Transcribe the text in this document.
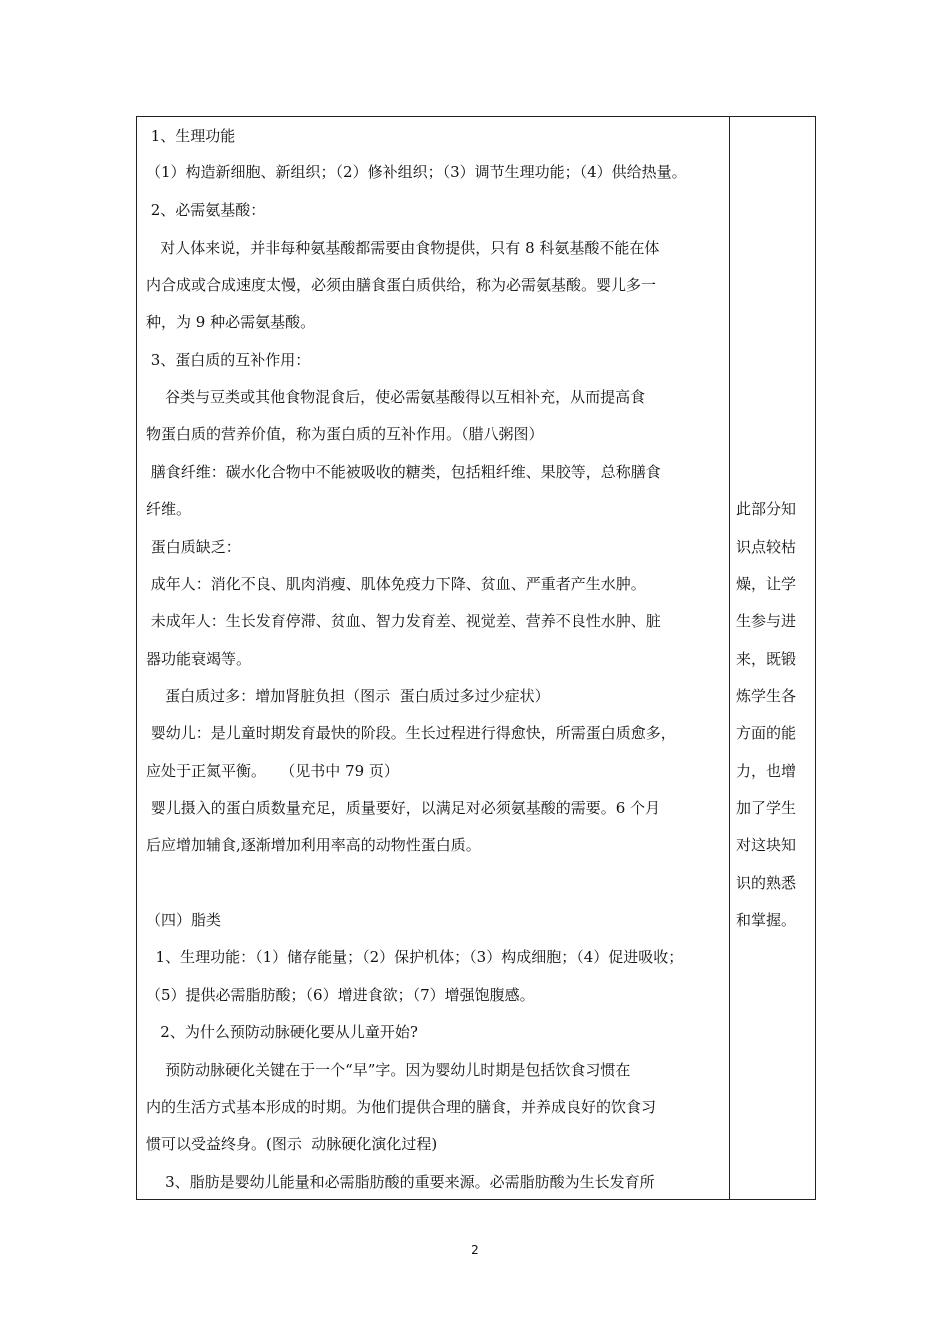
1、生理功能
（1）构造新细胞、新组织；（2）修补组织；（3）调节生理功能；（4）供给热量。
2、必需氨基酸：
对人体来说，并非每种氨基酸都需要由食物提供，只有 8 科氨基酸不能在体
内合成或合成速度太慢，必须由膳食蛋白质供给，称为必需氨基酸。婴儿多一
种，为 9 种必需氨基酸。
3、蛋白质的互补作用：
谷类与豆类或其他食物混食后，使必需氨基酸得以互相补充，从而提高食
物蛋白质的营养价值，称为蛋白质的互补作用。（腊八粥图）
膳食纤维：碳水化合物中不能被吸收的糖类，包括粗纤维、果胶等，总称膳食
纤维。
蛋白质缺乏：
成年人：消化不良、肌肉消瘦、肌体免疫力下降、贫血、严重者产生水肿。
未成年人：生长发育停滞、贫血、智力发育差、视觉差、营养不良性水肿、脏
器功能衰竭等。
蛋白质过多：增加肾脏负担（图示  蛋白质过多过少症状）
婴幼儿：是儿童时期发育最快的阶段。生长过程进行得愈快，所需蛋白质愈多，
应处于正氮平衡。   （见书中 79 页）
婴儿摄入的蛋白质数量充足，质量要好，以满足对必须氨基酸的需要。6 个月
后应增加辅食,逐渐增加利用率高的动物性蛋白质。
（四）脂类
1、生理功能：（1）储存能量；（2）保护机体；（3）构成细胞；（4）促进吸收；
（5）提供必需脂肪酸；（6）增进食欲；（7）增强饱腹感。
2、为什么预防动脉硬化要从儿童开始?
预防动脉硬化关键在于一个“早”字。因为婴幼儿时期是包括饮食习惯在
内的生活方式基本形成的时期。为他们提供合理的膳食，并养成良好的饮食习
惯可以受益终身。(图示  动脉硬化演化过程)
3、脂肪是婴幼儿能量和必需脂肪酸的重要来源。必需脂肪酸为生长发育所
此部分知
识点较枯
燥，让学
生参与进
来，既锻
炼学生各
方面的能
力，也增
加了学生
对这块知
识的熟悉
和掌握。
2
